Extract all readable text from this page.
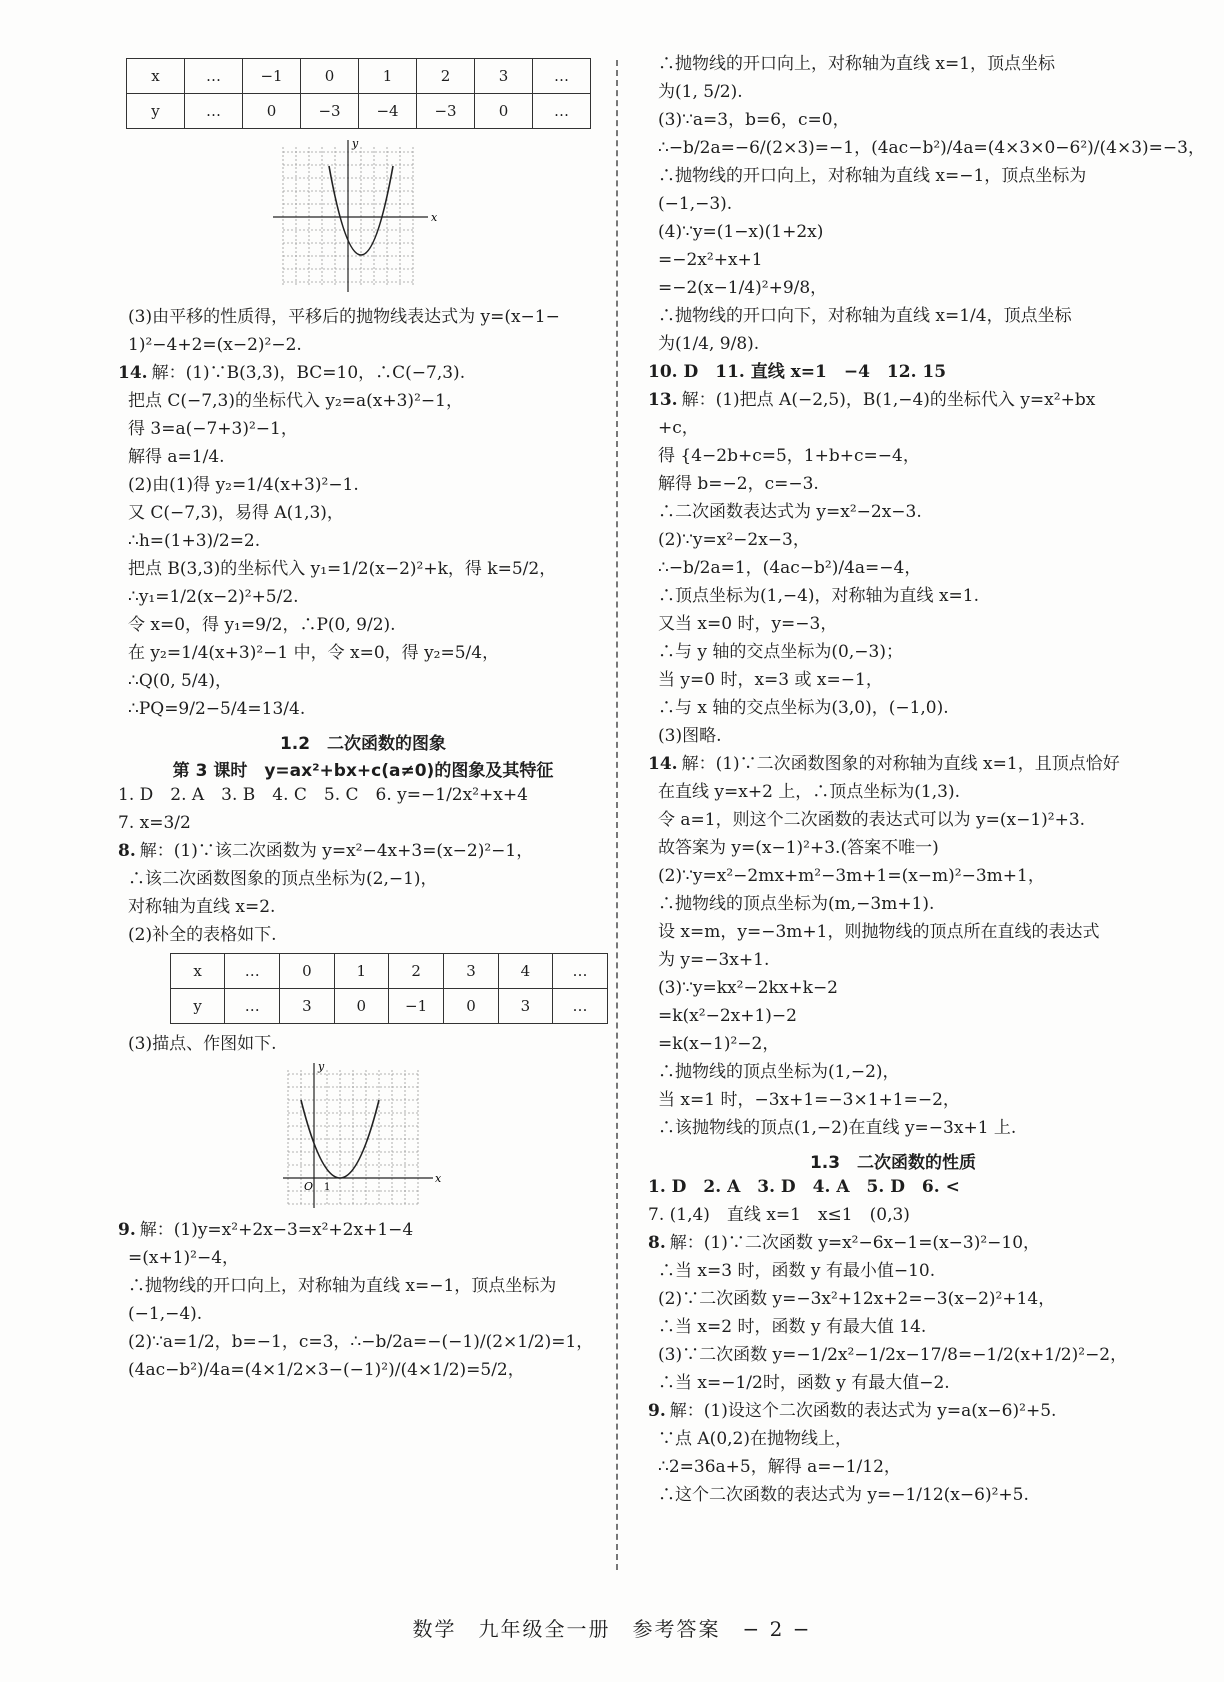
x	…	−1	0	1	2	3	…
y	…	0	−3	−4	−3	0	…
x
y
(3)由平移的性质得，平移后的抛物线表达式为 y=(x−1−
1)²−4+2=(x−2)²−2.
14. 解：(1)∵B(3,3)，BC=10，∴C(−7,3).
把点 C(−7,3)的坐标代入 y₂=a(x+3)²−1，
得 3=a(−7+3)²−1，
解得 a=1/4.
(2)由(1)得 y₂=1/4(x+3)²−1.
又 C(−7,3)，易得 A(1,3)，
∴h=(1+3)/2=2.
把点 B(3,3)的坐标代入 y₁=1/2(x−2)²+k，得 k=5/2，
∴y₁=1/2(x−2)²+5/2.
令 x=0，得 y₁=9/2，∴P(0, 9/2).
在 y₂=1/4(x+3)²−1 中，令 x=0，得 y₂=5/4，
∴Q(0, 5/4)，
∴PQ=9/2−5/4=13/4.
1.2　二次函数的图象
第 3 课时　y=ax²+bx+c(a≠0)的图象及其特征
1. D　2. A　3. B　4. C　5. C　6. y=−1/2x²+x+4
7. x=3/2
8. 解：(1)∵该二次函数为 y=x²−4x+3=(x−2)²−1，
∴该二次函数图象的顶点坐标为(2,−1)，
对称轴为直线 x=2.
(2)补全的表格如下.
x	…	0	1	2	3	4	…
y	…	3	0	−1	0	3	…
(3)描点、作图如下.
x
y
O 1
9. 解：(1)y=x²+2x−3=x²+2x+1−4
=(x+1)²−4，
∴抛物线的开口向上，对称轴为直线 x=−1，顶点坐标为
(−1,−4).
(2)∵a=1/2，b=−1，c=3，∴−b/2a=−(−1)/(2×1/2)=1，
(4ac−b²)/4a=(4×1/2×3−(−1)²)/(4×1/2)=5/2，
∴抛物线的开口向上，对称轴为直线 x=1，顶点坐标
为(1, 5/2).
(3)∵a=3，b=6，c=0，
∴−b/2a=−6/(2×3)=−1，(4ac−b²)/4a=(4×3×0−6²)/(4×3)=−3，
∴抛物线的开口向上，对称轴为直线 x=−1，顶点坐标为
(−1,−3).
(4)∵y=(1−x)(1+2x)
=−2x²+x+1
=−2(x−1/4)²+9/8，
∴抛物线的开口向下，对称轴为直线 x=1/4，顶点坐标
为(1/4, 9/8).
10. D　11. 直线 x=1　−4　12. 15
13. 解：(1)把点 A(−2,5)，B(1,−4)的坐标代入 y=x²+bx
+c，
得 {4−2b+c=5，1+b+c=−4，
解得 b=−2，c=−3.
∴二次函数表达式为 y=x²−2x−3.
(2)∵y=x²−2x−3，
∴−b/2a=1，(4ac−b²)/4a=−4，
∴顶点坐标为(1,−4)，对称轴为直线 x=1.
又当 x=0 时，y=−3，
∴与 y 轴的交点坐标为(0,−3)；
当 y=0 时，x=3 或 x=−1，
∴与 x 轴的交点坐标为(3,0)，(−1,0).
(3)图略.
14. 解：(1)∵二次函数图象的对称轴为直线 x=1，且顶点恰好
在直线 y=x+2 上，∴顶点坐标为(1,3).
令 a=1，则这个二次函数的表达式可以为 y=(x−1)²+3.
故答案为 y=(x−1)²+3.(答案不唯一)
(2)∵y=x²−2mx+m²−3m+1=(x−m)²−3m+1，
∴抛物线的顶点坐标为(m,−3m+1).
设 x=m，y=−3m+1，则抛物线的顶点所在直线的表达式
为 y=−3x+1.
(3)∵y=kx²−2kx+k−2
=k(x²−2x+1)−2
=k(x−1)²−2，
∴抛物线的顶点坐标为(1,−2)，
当 x=1 时，−3x+1=−3×1+1=−2，
∴该抛物线的顶点(1,−2)在直线 y=−3x+1 上.
1.3　二次函数的性质
1. D　2. A　3. D　4. A　5. D　6. <
7. (1,4)　直线 x=1　x≤1　(0,3)
8. 解：(1)∵二次函数 y=x²−6x−1=(x−3)²−10，
∴当 x=3 时，函数 y 有最小值−10.
(2)∵二次函数 y=−3x²+12x+2=−3(x−2)²+14，
∴当 x=2 时，函数 y 有最大值 14.
(3)∵二次函数 y=−1/2x²−1/2x−17/8=−1/2(x+1/2)²−2，
∴当 x=−1/2时，函数 y 有最大值−2.
9. 解：(1)设这个二次函数的表达式为 y=a(x−6)²+5.
∵点 A(0,2)在抛物线上，
∴2=36a+5，解得 a=−1/12，
∴这个二次函数的表达式为 y=−1/12(x−6)²+5.
数学　九年级全一册　参考答案　− 2 −
